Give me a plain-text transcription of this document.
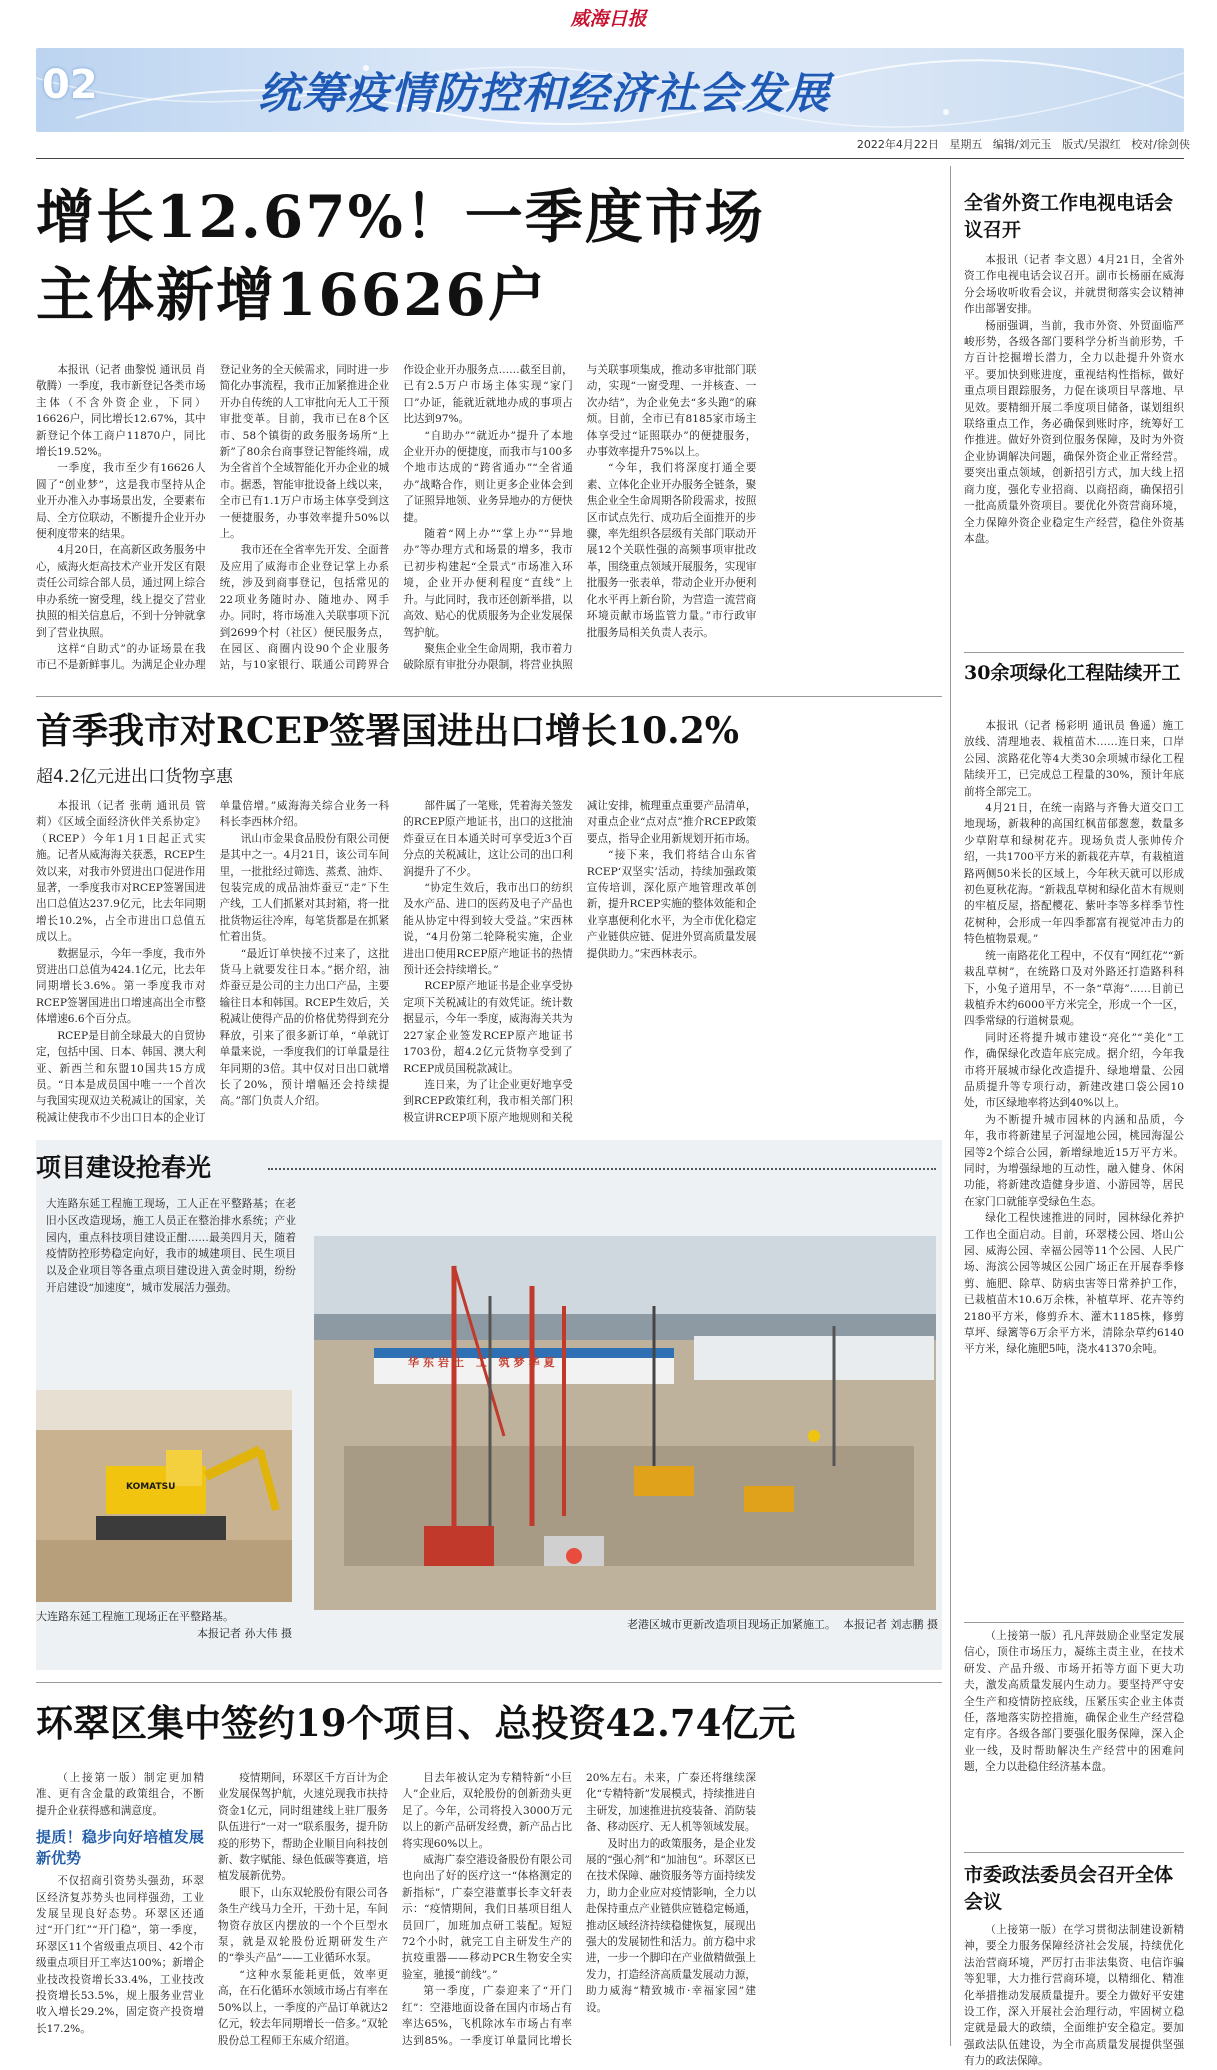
威海日报
02	统筹疫情防控和经济社会发展
2022年4月22日 星期五 编辑/刘元玉 版式/吴淑红 校对/徐剑侠
增长12.67%！一季度市场
主体新增16626户

本报讯（记者 曲黎悦 通讯员 肖敬腾）一季度，我市新登记各类市场主体（不含外资企业，下同）16626户，同比增长12.67%，其中新登记个体工商户11870户，同比增长19.52%。

一季度，我市至少有16626人圆了“创业梦”，这是我市坚持从企业开办准入办事场景出发，全要素布局、全方位联动，不断提升企业开办便利度带来的结果。

4月20日，在高新区政务服务中心，威海火炬高技术产业开发区有限责任公司综合部人员，通过网上综合申办系统一窗受理，线上提交了营业执照的相关信息后，不到十分钟就拿到了营业执照。

这样“自助式”的办证场景在我市已不是新鲜事儿。为满足企业办理登记业务的全天候需求，同时进一步简化办事流程，我市正加紧推进企业开办自传统的人工审批向无人工干预审批变革。目前，我市已在8个区市、58个镇街的政务服务场所“上新”了80余台商事登记智能终端，成为全省首个全域智能化开办企业的城市。据悉，智能审批设备上线以来，全市已有1.1万户市场主体享受到这一便捷服务，办事效率提升50%以上。

我市还在全省率先开发、全面普及应用了威海市企业登记掌上办系统，涉及到商事登记，包括常见的22项业务随时办、随地办、网手办。同时，将市场准入关联事项下沉到2699个村（社区）便民服务点，在园区、商圈内设90个企业服务站，与10家银行、联通公司跨界合作设企业开办服务点……截至目前，已有2.5万户市场主体实现“家门口”办证，能就近就地办成的事项占比达到97%。

“自助办”“就近办”提升了本地企业开办的便捷度，而我市与100多个地市达成的“跨省通办”“全省通办”战略合作，则让更多企业体会到了证照异地领、业务异地办的方便快捷。

随着“网上办”“掌上办”“异地办”等办理方式和场景的增多，我市已初步构建起“全景式”市场准入环境，企业开办便利程度“直线”上升。与此同时，我市还创新举措，以高效、贴心的优质服务为企业发展保驾护航。

聚焦企业全生命周期，我市着力破除原有审批分办限制，将营业执照与关联事项集成，推动多审批部门联动，实现“一窗受理、一并核查、一次办结”，为企业免去“多头跑”的麻烦。目前，全市已有8185家市场主体享受过“证照联办”的便捷服务，办事效率提升75%以上。

“今年，我们将深度打通全要素、立体化企业开办服务全链条，聚焦企业全生命周期各阶段需求，按照区市试点先行、成功后全面推开的步骤，率先组织各层级有关部门联动开展12个关联性强的高频事项审批改革，围绕重点领域开展服务，实现审批服务一张表单，带动企业开办便利化水平再上新台阶，为营造一流营商环境贡献市场监管力量。”市行政审批服务局相关负责人表示。

首季我市对RCEP签署国进出口增长10.2%
超4.2亿元进出口货物享惠

本报讯（记者 张萌 通讯员 管莉）《区域全面经济伙伴关系协定》（RCEP）今年1月1日起正式实施。记者从威海海关获悉，RCEP生效以来，对我市外贸进出口促进作用显著，一季度我市对RCEP签署国进出口总值达237.9亿元，比去年同期增长10.2%，占全市进出口总值五成以上。

数据显示，今年一季度，我市外贸进出口总值为424.1亿元，比去年同期增长3.6%。第一季度我市对RCEP签署国进出口增速高出全市整体增速6.6个百分点。

RCEP是目前全球最大的自贸协定，包括中国、日本、韩国、澳大利亚、新西兰和东盟10国共15方成员。“日本是成员国中唯一一个首次与我国实现双边关税减让的国家，关税减让使我市不少出口日本的企业订单量倍增。”威海海关综合业务一科科长李西林介绍。

讯山市金果食品股份有限公司便是其中之一。4月21日，该公司车间里，一批批经过筛选、蒸煮、油炸、包装完成的成品油炸蚕豆“走”下生产线，工人们抓紧对其封箱，将一批批货物运往冷库，每笔货都是在抓紧忙着出货。

“最近订单快接不过来了，这批货马上就要发往日本。”据介绍，油炸蚕豆是公司的主力出口产品，主要输往日本和韩国。RCEP生效后，关税减让使得产品的价格优势得到充分释放，引来了很多新订单，“单就订单量来说，一季度我们的订单量是往年同期的3倍。其中仅对日出口就增长了20%，预计增幅还会持续提高。”部门负责人介绍。

部件属了一笔账，凭着海关签发的RCEP原产地证书，出口的这批油炸蚕豆在日本通关时可享受近3个百分点的关税减让，这让公司的出口利润提升了不少。

“协定生效后，我市出口的纺织及水产品、进口的医药及电子产品也能从协定中得到较大受益。”宋西林说，“4月份第二轮降税实施，企业进出口使用RCEP原产地证书的热情预计还会持续增长。”

RCEP原产地证书是企业享受协定项下关税减让的有效凭证。统计数据显示，今年一季度，威海海关共为227家企业签发RCEP原产地证书1703份，超4.2亿元货物享受到了RCEP成员国税款减让。

连日来，为了让企业更好地享受到RCEP政策红利，我市相关部门积极宣讲RCEP项下原产地规则和关税减让安排，梳理重点重要产品清单，对重点企业“点对点”推介RCEP政策要点，指导企业用新规划开拓市场。

“接下来，我们将结合山东省RCEP‘双坚实’活动，持续加强政策宣传培训，深化原产地管理改革创新，提升RCEP实施的整体效能和企业享惠便利化水平，为全市优化稳定产业链供应链、促进外贸高质量发展提供助力。”宋西林表示。

项目建设抢春光
大连路东延工程施工现场，工人正在平整路基；在老旧小区改造现场，施工人员正在整治排水系统；产业园内，重点科技项目建设正酣……最美四月天，随着疫情防控形势稳定向好，我市的城建项目、民生项目以及企业项目等各重点项目建设进入黄金时期，纷纷开启建设“加速度”，城市发展活力强劲。
华东岩土 工 筑梦华夏
KOMATSU
大连路东延工程施工现场正在平整路基。
本报记者 孙大伟 摄
老港区城市更新改造项目现场正加紧施工。 本报记者 刘志鹏 摄
环翠区集中签约19个项目、总投资42.74亿元

（上接第一版）制定更加精准、更有含金量的政策组合，不断提升企业获得感和满意度。

提质！稳步向好培植发展新优势

不仅招商引资势头强劲，环翠区经济复苏势头也同样强劲，工业发展呈现良好态势。环翠区还通过“开门红”“开门稳”，第一季度，环翠区11个省级重点项目、42个市级重点项目开工率达100%；新增企业技改投资增长33.4%，工业技改投资增长53.5%，规上服务业营业收入增长29.2%，固定资产投资增长17.2%。

疫情期间，环翠区千方百计为企业发展保驾护航，火速兑现我市扶持资金1亿元，同时组建线上驻厂服务队伍进行“一对一”联系服务，提升防疫的形势下，帮助企业顺目向科技创新、数字赋能、绿色低碳等赛道，培植发展新优势。

眼下，山东双轮股份有限公司各条生产线马力全开，干劲十足，车间物资存放区内摆放的一个个巨型水泵，就是双轮股份近期研发生产的“拳头产品”——工业循环水泵。

“这种水泵能耗更低，效率更高，在石化循环水领域市场占有率在50%以上，一季度的产品订单就达2亿元，较去年同期增长一倍多。”双轮股份总工程师王东威介绍道。

目去年被认定为专精特新“小巨人”企业后，双轮股份的创新劲头更足了。今年，公司将投入3000万元以上的新产品研发经费，新产品占比将实现60%以上。

威海广泰空港设备股份有限公司也向出了好的医疗这一“体格测定的新指标”，广泰空港董事长李文轩表示：“疫情期间，我们日基项目组人员回厂，加班加点研工装配。短短72个小时，就完工自主研发生产的抗疫重器——移动PCR生物安全实验室，驰援“前线”。”

第一季度，广泰迎来了“开门红”：空港地面设备在国内市场占有率达65%，飞机除冰车市场占有率达到85%。一季度订单量同比增长20%左右。未来，广泰还将继续深化“专精特新”发展模式，持续推进自主研发，加速推进抗疫装备、消防装备、移动医疗、无人机等领域发展。

及时出力的政策服务，是企业发展的“强心剂”和“加油包”。环翠区已在技术保障、融资服务等方面持续发力，助力企业应对疫情影响，全力以赴保持重点产业链供应链稳定畅通，推动区域经济持续稳健恢复，展现出强大的发展韧性和活力。前方稳中求进，一步一个脚印在产业做精做强上发力，打造经济高质量发展动力源，助力威海“精致城市·幸福家园”建设。

全省外资工作电视电话会议召开

本报讯（记者 李文恩）4月21日，全省外资工作电视电话会议召开。副市长杨丽在威海分会场收听收看会议，并就贯彻落实会议精神作出部署安排。

杨丽强调，当前，我市外资、外贸面临严峻形势，各级各部门要科学分析当前形势，千方百计挖掘增长潜力，全力以赴提升外资水平。要加快到账进度，重视结构性指标，做好重点项目跟踪服务，力促在谈项目早落地、早见效。要精细开展二季度项目储备，谋划组织联络重点工作，务必确保到账时序，统筹好工作推进。做好外资到位服务保障，及时为外资企业协调解决问题，确保外资企业正常经营。要突出重点领域，创新招引方式，加大线上招商力度，强化专业招商、以商招商，确保招引一批高质量外资项目。要优化外资营商环境，全力保障外资企业稳定生产经营，稳住外资基本盘。

30余项绿化工程陆续开工

本报讯（记者 杨彩明 通讯员 鲁遥）施工放线、清理地表、栽植苗木……连日来，口岸公园、滨路花化等4大类30余项城市绿化工程陆续开工，已完成总工程量的30%，预计年底前将全部完工。

4月21日，在统一南路与齐鲁大道交口工地现场，新栽种的高国红枫苗郁葱葱，数量多少草附草和绿树花卉。现场负责人张帅传介绍，一共1700平方米的新栽花卉草，有栽植道路两侧50米长的区域上，今年秋天就可以形成初色夏秋花海。“新栽乱草树和绿化苗木有规则的牢植反屋，搭配樱花、紫叶李等多样季节性花树种，会形成一年四季都富有视觉冲击力的特色植物景观。”

统一南路花化工程中，不仅有“网红花”“新栽乱草树”，在统路口及对外路还打造路科科下，小兔子道用旱，不一条“草海”……目前已栽植乔木约6000平方米完全，形成一个一区，四季常绿的行道树景观。

同时还将提升城市建设“亮化”“美化”工作，确保绿化改造年底完成。据介绍，今年我市将开展城市绿化改造提升、绿地增量、公园品质提升等专项行动，新建改建口袋公园10处，市区绿地率将达到40%以上。

为不断提升城市园林的内涵和品质，今年，我市将新建星子河湿地公园，桃园海湿公园等2个综合公园，新增绿地近15万平方米。同时，为增强绿地的互动性，融入健身、休闲功能，将新建改造健身步道、小游园等，居民在家门口就能享受绿色生态。

绿化工程快速推进的同时，园林绿化养护工作也全面启动。目前，环翠楼公园、塔山公园、威海公园、幸福公园等11个公园、人民广场、海滨公园等城区公园广场正在开展春季修剪、施肥、除草、防病虫害等日常养护工作，已栽植苗木10.6万余株，补植草坪、花卉等约2180平方米，修剪乔木、灌木1185株，修剪草坪、绿篱等6万余平方米，清除杂草约6140平方米，绿化施肥5吨，浇水41370余吨。

（上接第一版）孔凡萍鼓励企业坚定发展信心，顶住市场压力，凝练主责主业，在技术研发、产品升级、市场开拓等方面下更大功夫，激发高质量发展内生动力。要坚持严守安全生产和疫情防控底线，压紧压实企业主体责任，落地落实防控措施，确保企业生产经营稳定有序。各级各部门要强化服务保障，深入企业一线，及时帮助解决生产经营中的困难问题，全力以赴稳住经济基本盘。

市委政法委员会召开全体会议

（上接第一版）在学习贯彻法制建设新精神，要全力服务保障经济社会发展，持续优化法治营商环境，严厉打击非法集资、电信诈骗等犯罪，大力推行营商环境，以精细化、精准化举措推动发展质量提升。要全力做好平安建设工作，深入开展社会治理行动，牢固树立稳定就是最大的政绩，全面维护安全稳定。要加强政法队伍建设，为全市高质量发展提供坚强有力的政法保障。
